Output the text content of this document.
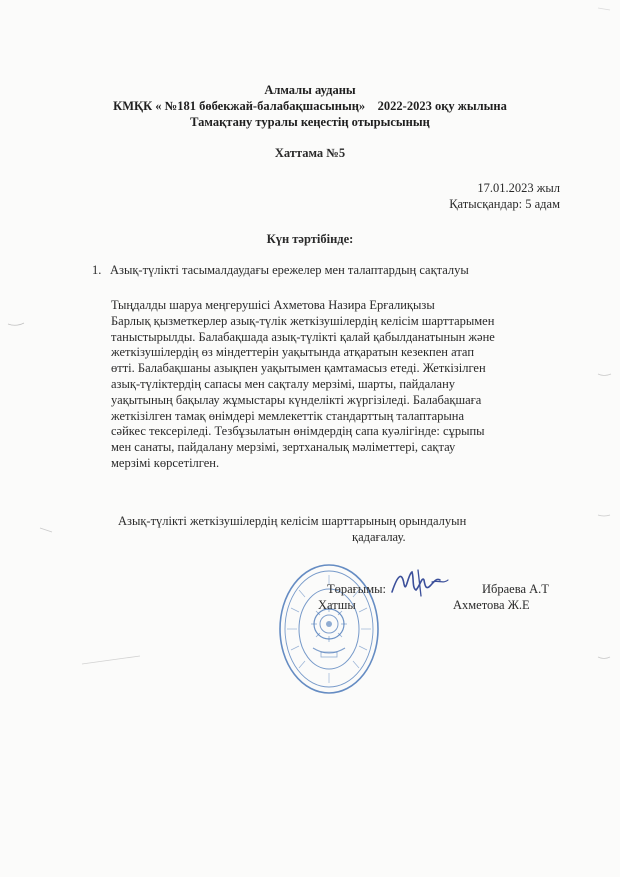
Алмалы ауданы
КМҚК « №181 бөбекжай-балабақшасының»    2022-2023 оқу жылына
Тамақтану туралы кеңестің отырысының
Хаттама №5
17.01.2023 жыл
Қатысқандар: 5 адам
Күн тәртібінде:
1. Азық-түлікті тасымалдаудағы ережелер мен талаптардың сақталуы
Тыңдалды шаруа меңгерушісі Ахметова Назира Ерғалиқызы
Барлық қызметкерлер азық-түлік жеткізушілердің келісім шарттарымен
таныстырылды. Балабақшада азық-түлікті қалай қабылданатынын және
жеткізушілердің өз міндеттерін уақытында атқаратын кезекпен атап
өтті. Балабақшаны азықпен уақытымен қамтамасыз етеді. Жеткізілген
азық-түліктердің сапасы мен сақталу мерзімі, шарты, пайдалану
уақытының бақылау жұмыстары күнделікті жүргізіледі. Балабақшаға
жеткізілген тамақ өнімдері мемлекеттік стандарттың талаптарына
сәйкес тексеріледі. Тезбұзылатын өнімдердің сапа куәлігінде: сұрыпы
мен санаты, пайдалану мерзімі, зертханалық мәліметтері, сақтау
мерзімі көрсетілген.
Азық-түлікті жеткізушілердің келісім шарттарының орындалуын
қадағалау.
Төрағымы:	Ибраева А.Т
Хатшы	Ахметова Ж.Е
